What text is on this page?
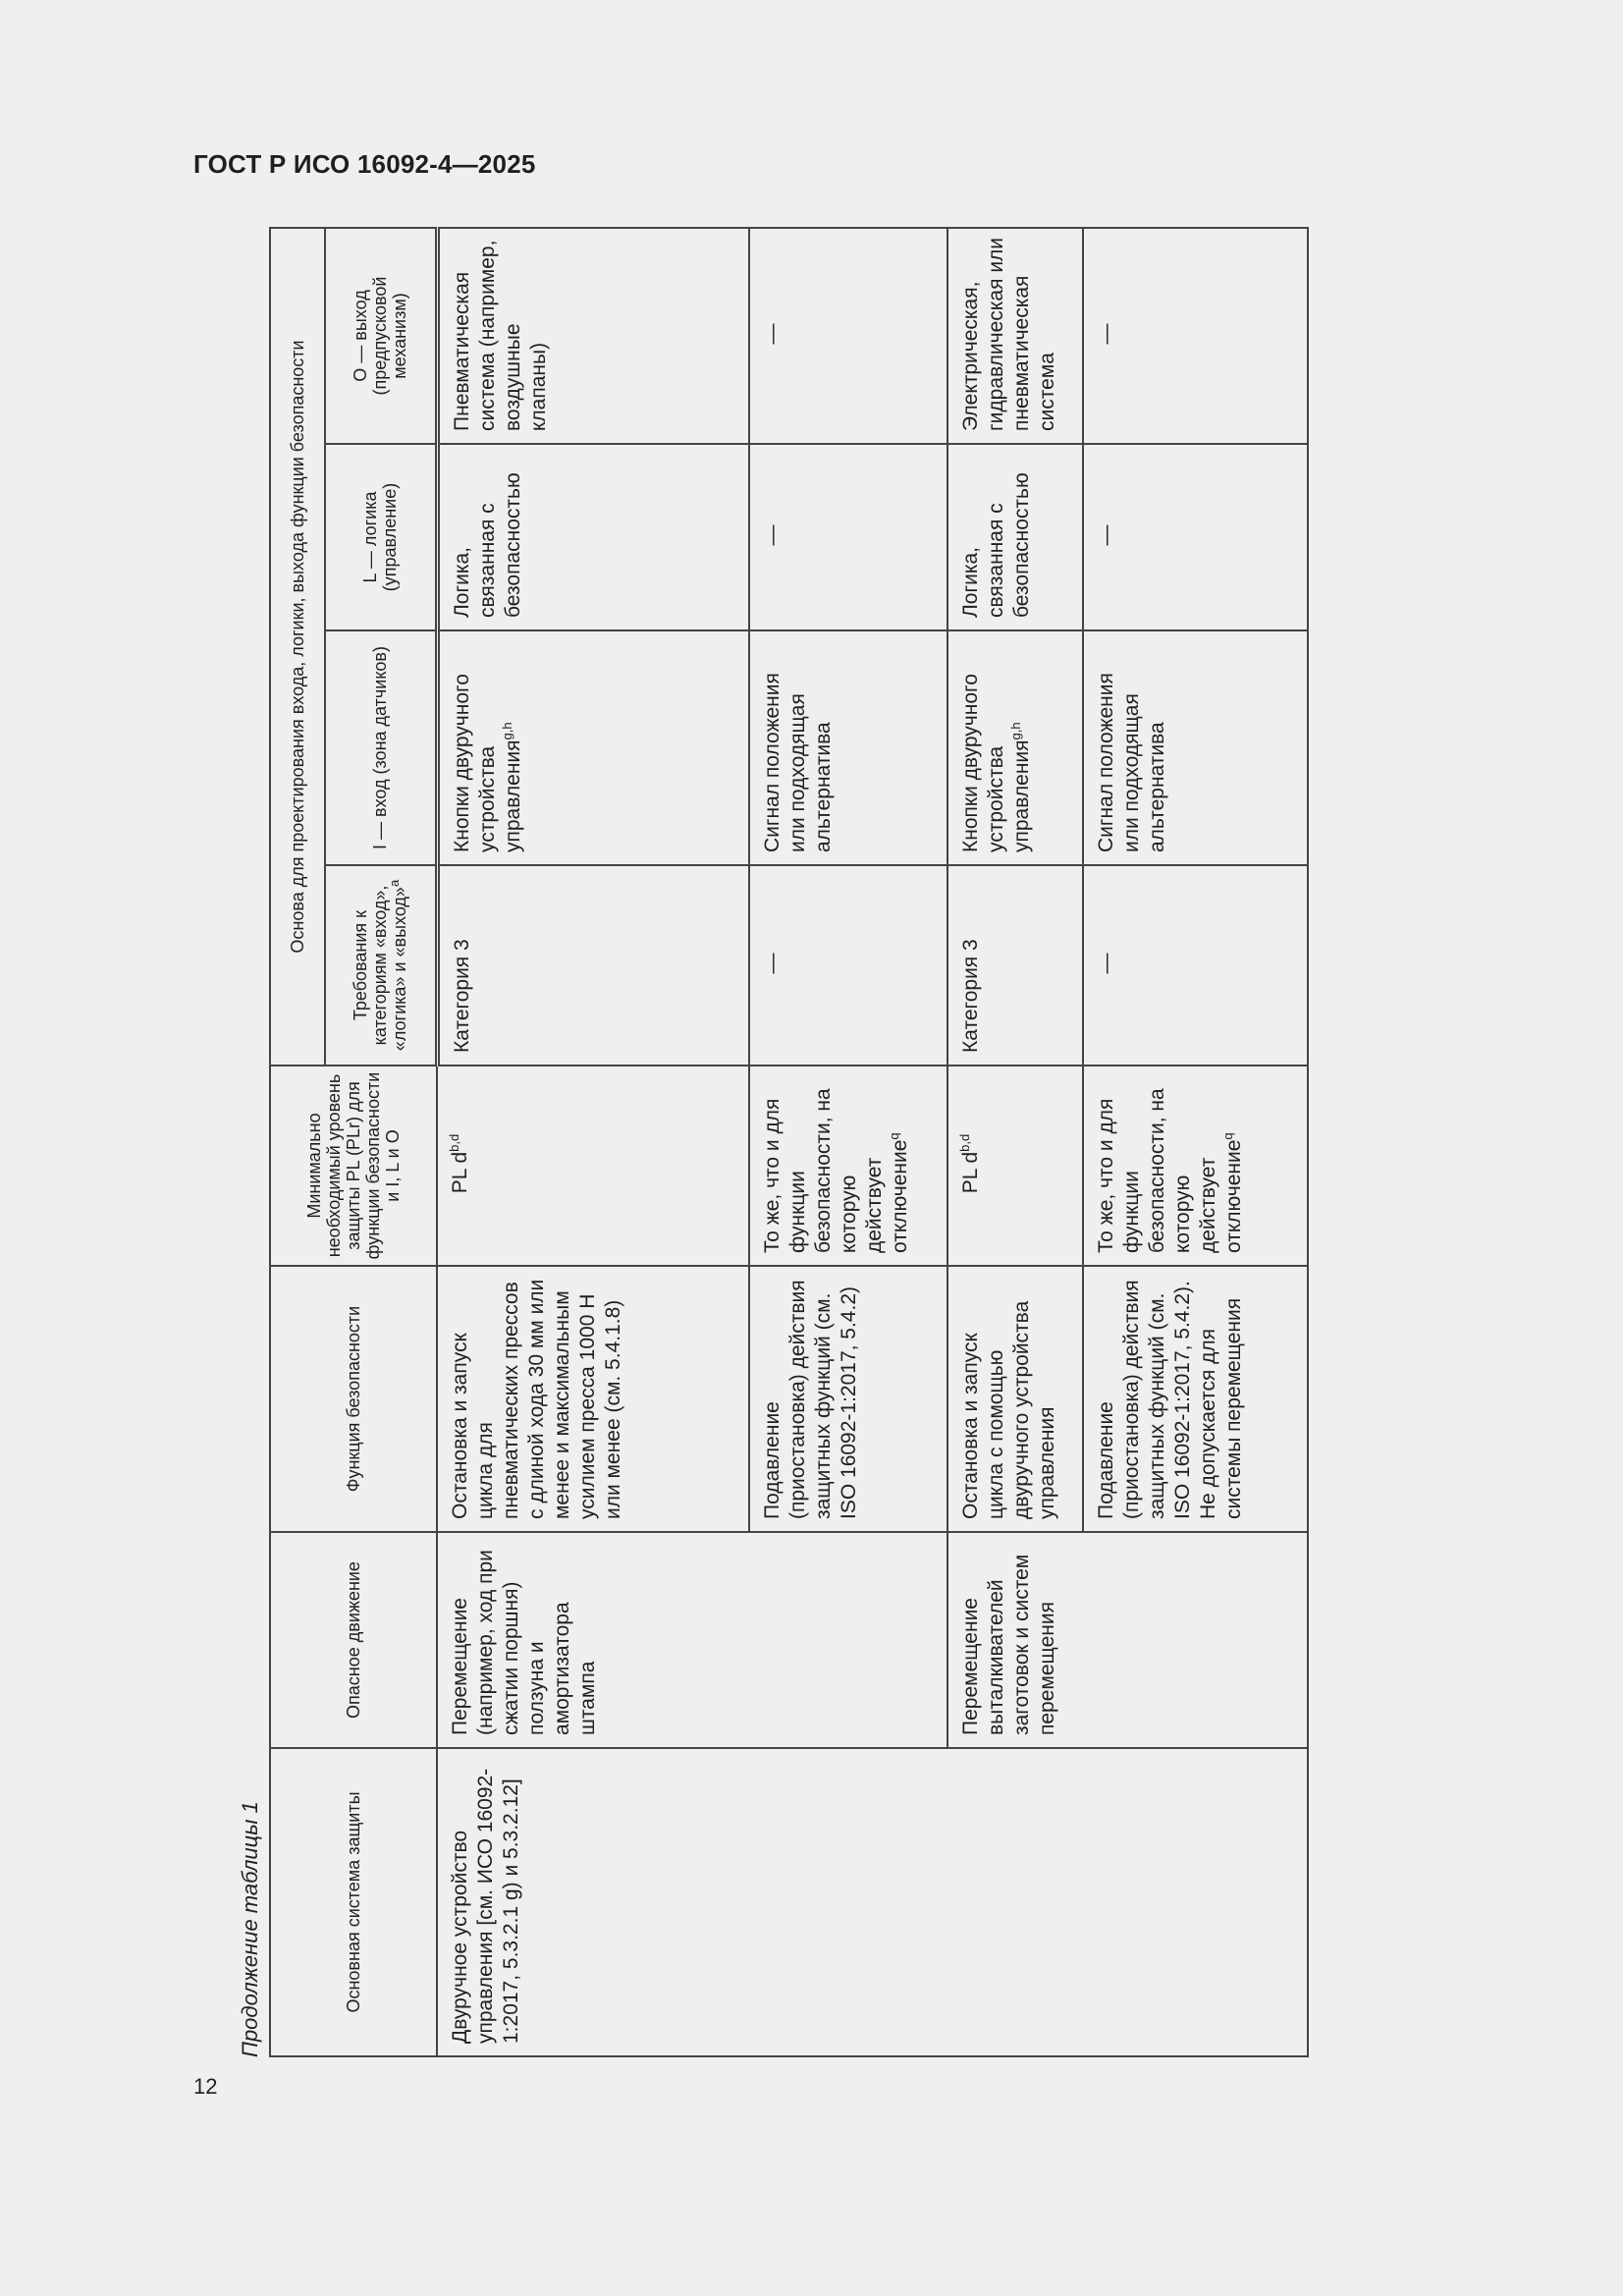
ГОСТ Р ИСО 16092-4—2025
Продолжение таблицы 1	Основная система защиты	Опасное движение	Функция безопасности	Минимально необходимый уровень защиты PL (PLr) для функции безопасности и I, L и O	Основа для проектирования входа, логики, выхода функции безопасности			
				Требования к категориям «вход», «логика» и «выход»$^a$	I — вход (зона датчиков)	L — логика (управление)	O — выход (предпусковой механизм)
Двуручное устройство управления [см. ИСО 16092-1:2017, 5.3.2.1 g) и 5.3.2.12]	Перемещение (например, ход при сжатии поршня) ползуна и амортизатора штампа	Остановка и запуск цикла для пневматических прессов с длиной хода 30 мм или менее и максимальным усилием пресса 1000 Н или менее (см. 5.4.1.8)	PL $d^{b,d}$	Категория 3	Кнопки двуручного устройства управления$^{g,h}$	Логика, связанная с безопасностью	Пневматическая система (например, воздушные клапаны)
		Подавление (приостановка) действия защитных функций (см. ISO 16092-1:2017, 5.4.2)	То же, что и для функции безопасности, на которую действует отключение$^q$	—	Сигнал положения или подходящая альтернатива	—	—
	Перемещение выталкивателей заготовок и систем перемещения	Остановка и запуск цикла с помощью двуручного устройства управления	PL $d^{b,d}$	Категория 3	Кнопки двуручного устройства управления$^{g,h}$	Логика, связанная с безопасностью	Электрическая, гидравлическая или пневматическая система
		Подавление (приостановка) действия защитных функций (см. ISO 16092-1:2017, 5.4.2). Не допускается для системы перемещения	То же, что и для функции безопасности, на которую действует отключение$^q$	—	Сигнал положения или подходящая альтернатива	—	—
12
